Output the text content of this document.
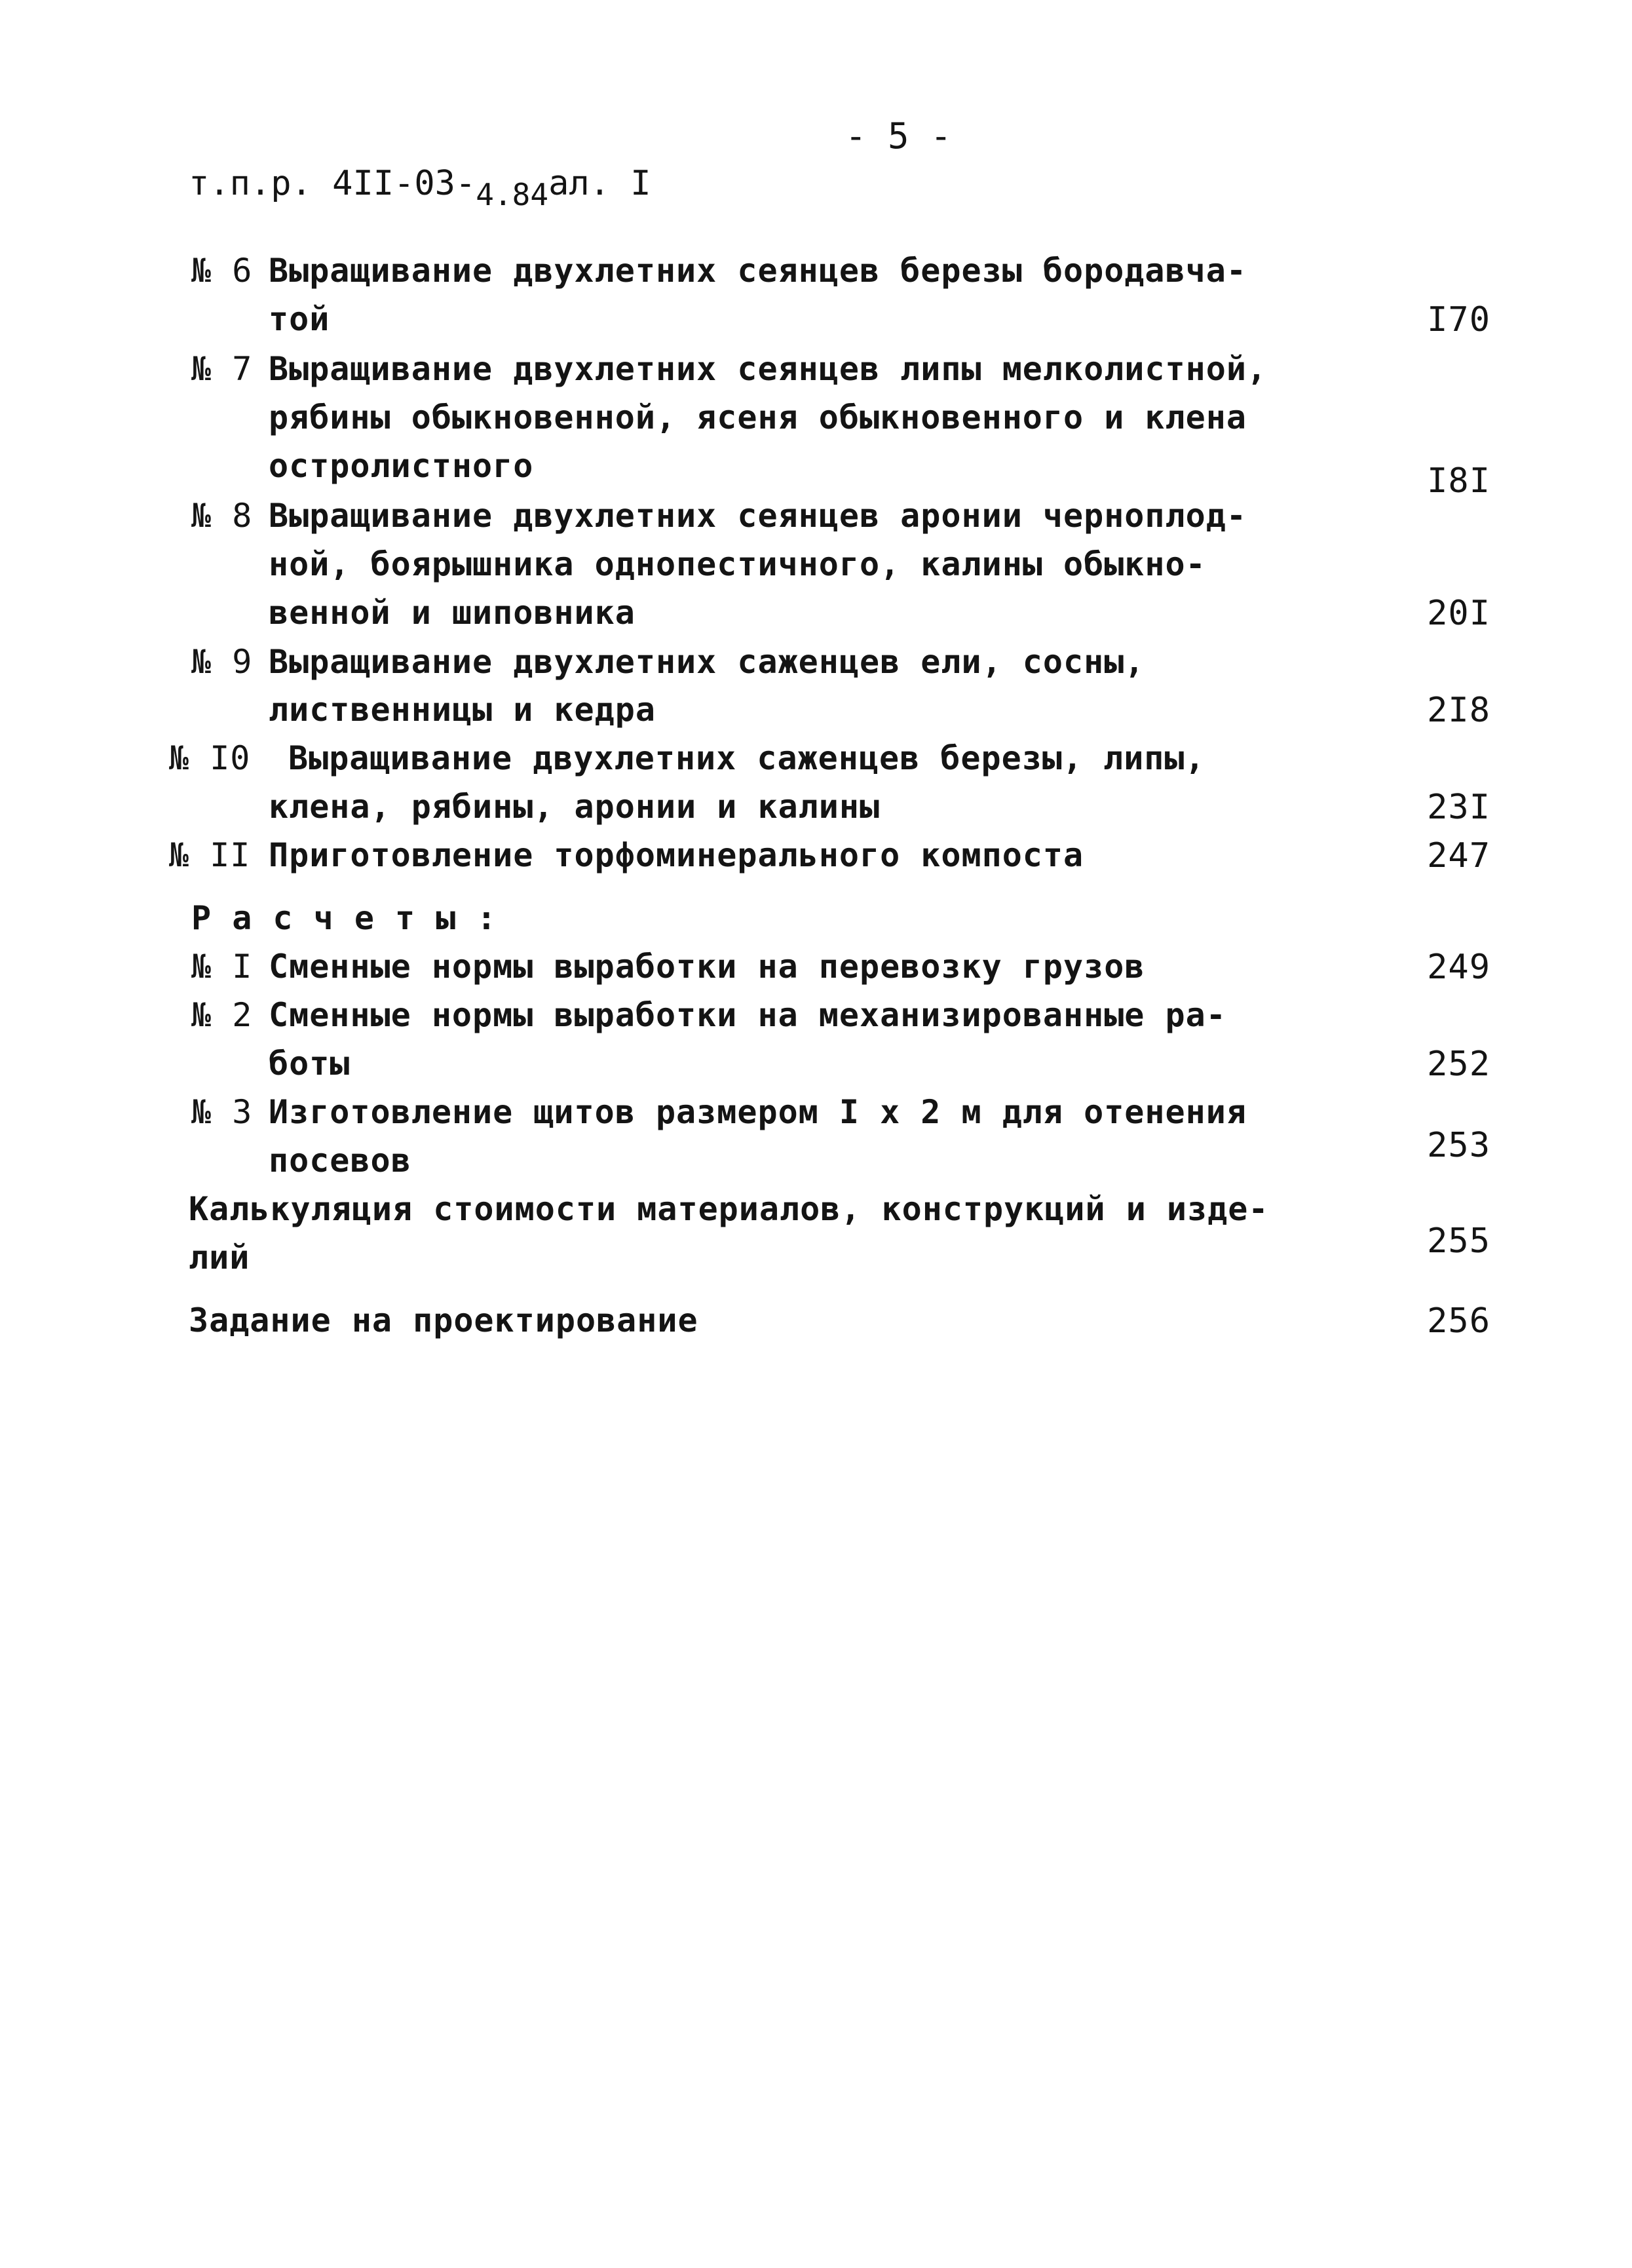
- 5 -
т.п.р. 4II-03-4.84ал. I
№ 6 Выращивание двухлетних сеянцев березы бородавча-
той	I70
№ 7 Выращивание двухлетних сеянцев липы мелколистной,
рябины обыкновенной, ясеня обыкновенного и клена
остролистного	I8I
№ 8 Выращивание двухлетних сеянцев аронии черноплод-
ной, боярышника однопестичного, калины обыкно-
венной и шиповника	20I
№ 9 Выращивание двухлетних саженцев ели, сосны,
лиственницы и кедра	2I8
№ I0 Выращивание двухлетних саженцев березы, липы,
клена, рябины, аронии и калины	23I
№ II Приготовление торфоминерального компоста	247
Р а с ч е т ы :
№ I Сменные нормы выработки на перевозку грузов	249
№ 2 Сменные нормы выработки на механизированные ра-
боты	252
№ 3 Изготовление щитов размером I х 2 м для отенения
посевов	253
Калькуляция стоимости материалов, конструкций и изде-
лий	255
Задание на проектирование	256
